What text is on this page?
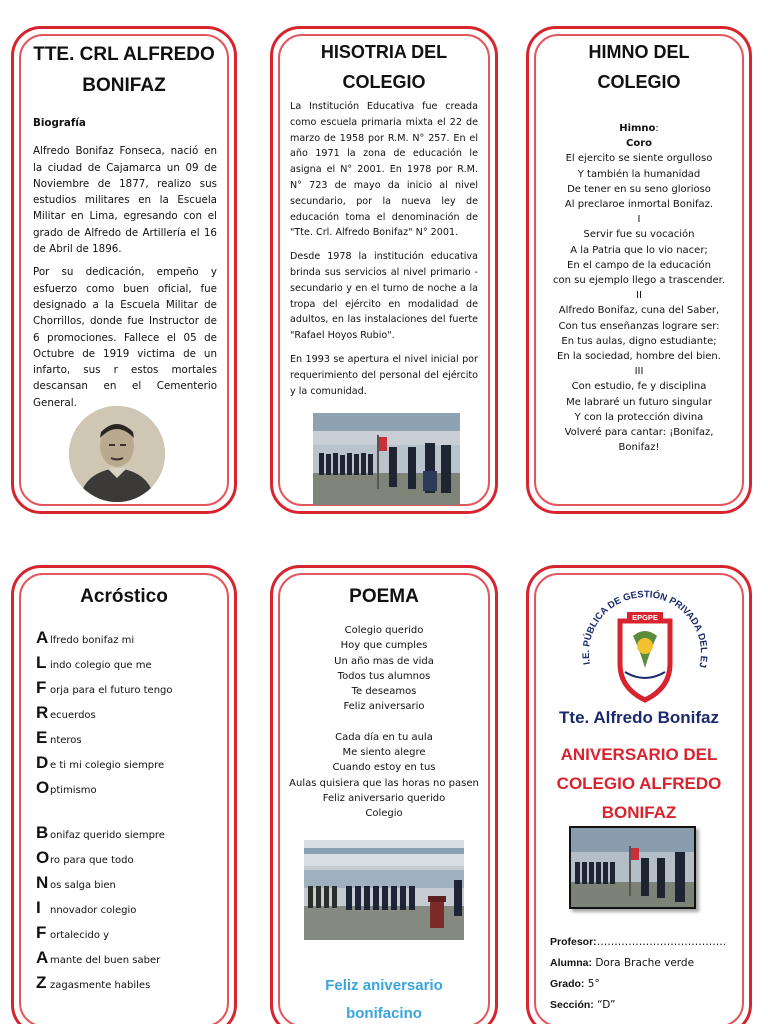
TTE. CRL ALFREDO BONIFAZ
Biografía

Alfredo Bonifaz Fonseca, nació en la ciudad de Cajamarca un 09 de Noviembre de 1877, realizo sus estudios militares en la Escuela Militar en Lima, egresando con el grado de Alfredo de Artillería el 16 de Abril de 1896.

Por su dedicación, empeño y esfuerzo como buen oficial, fue designado a la Escuela Militar de Chorrillos, donde fue Instructor de 6 promociones. Fallece el 05 de Octubre de 1919 victima de un infarto, sus r estos mortales descansan en el Cementerio General.

HISOTRIA DEL COLEGIO

La Institución Educativa fue creada como escuela primaria mixta el 22 de marzo de 1958 por R.M. N° 257. En el año 1971 la zona de educación le asigna el N° 2001. En 1978 por R.M. N° 723 de mayo da inicio al nivel secundario, por la nueva ley de educación toma el denominación de "Tte. Crl. Alfredo Bonifaz" N° 2001.

Desde 1978 la institución educativa brinda sus servicios al nivel primario - secundario y en el turno de noche a la tropa del ejército en modalidad de adultos, en las instalaciones del fuerte "Rafael Hoyos Rubio".

En 1993 se apertura el nivel inicial por requerimiento del personal del ejército y la comunidad.

HIMNO DEL COLEGIO
Himno:
Coro
El ejercito se siente orgulloso
Y también la humanidad
De tener en su seno glorioso
Al preclaroe inmortal Bonifaz.
I
Servir fue su vocación
A la Patria que lo vio nacer;
En el campo de la educación
con su ejemplo llego a trascender.
II
Alfredo Bonifaz, cuna del Saber,
Con tus enseñanzas lograre ser:
En tus aulas, digno estudiante;
En la sociedad, hombre del bien.
III
Con estudio, fe y disciplina
Me labraré un futuro singular
Y con la protección divina
Volveré para cantar: ¡Bonifaz,
Bonifaz!
Acróstico
A lfredo bonifaz mi
L indo colegio que me
F orja para el futuro tengo
R ecuerdos
E nteros
D e ti mi colegio siempre
O ptimismo
B onifaz querido siempre
O ro para que todo
N os salga bien
I nnovador colegio
F ortalecido y
A mante del buen saber
Z zagasmente habiles
POEMA
Colegio querido
Hoy que cumples
Un año mas de vida
Todos tus alumnos
Te deseamos
Feliz aniversario
Cada día en tu aula
Me siento alegre
Cuando estoy en tus
Aulas quisiera que las horas no pasen
Feliz aniversario querido
Colegio
Feliz aniversario
bonifacino
I.E. PÚBLICA DE GESTIÓN PRIVADA DEL EJ
EPGPE
Tte. Alfredo Bonifaz
ANIVERSARIO DEL COLEGIO ALFREDO BONIFAZ
Profesor:……………………………….
Alumna: Dora Brache verde
Grado: 5°
Sección: “D”
